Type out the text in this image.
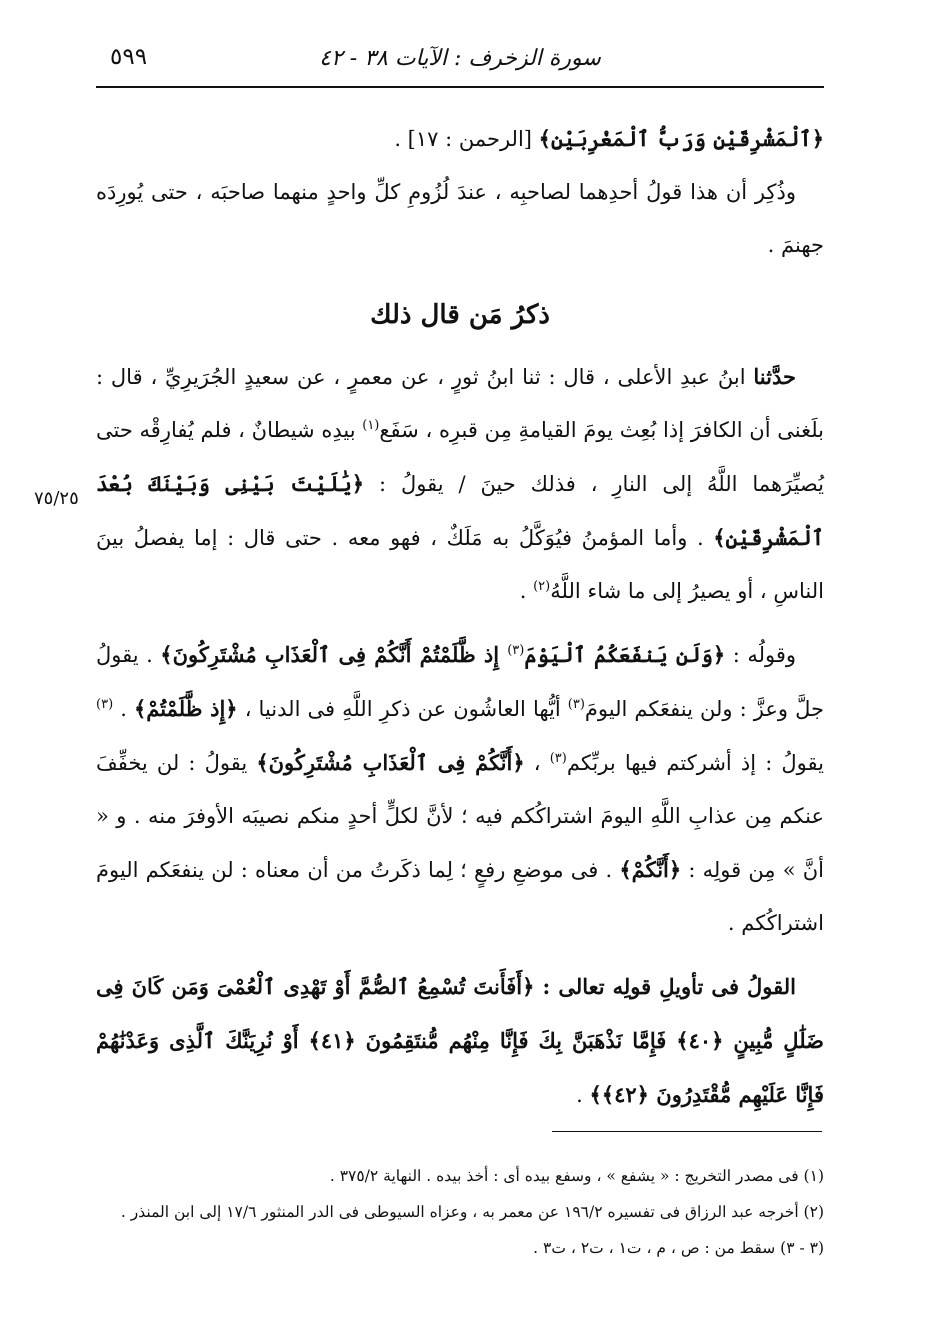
سورة الزخرف : الآيات ٣٨ - ٤٢
٥٩٩
٧٥/٢٥

﴿ٱلْمَشْرِقَيْنِ وَرَبُّ ٱلْمَغْرِبَيْنِ﴾ [الرحمن : ١٧] .

وذُكِر أن هذا قولُ أحدِهما لصاحبِه ، عندَ لُزُومِ كلِّ واحدٍ منهما صاحبَه ، حتى يُورِدَه جهنمَ .

ذكرُ مَن قال ذلك

حدَّثنا ابنُ عبدِ الأعلى ، قال : ثنا ابنُ ثورٍ ، عن معمرٍ ، عن سعيدٍ الجُرَيرِيِّ ، قال : بلَغنى أن الكافرَ إذا بُعِث يومَ القيامةِ مِن قبرِه ، سَفَع$^{(١)}$ بيدِه شيطانٌ ، فلم يُفارِقْه حتى يُصيِّرَهما اللَّهُ إلى النارِ ، فذلك حينَ / يقولُ : ﴿يَٰلَيْتَ بَيْنِى وَبَيْنَكَ بُعْدَ ٱلْمَشْرِقَيْنِ﴾ . وأما المؤمنُ فيُوَكَّلُ به مَلَكٌ ، فهو معه . حتى قال : إما يفصلُ بينَ الناسِ ، أو يصيرُ إلى ما شاء اللَّهُ$^{(٢)}$ .

وقولُه : ﴿وَلَن يَنفَعَكُمُ ٱلْيَوْمَ$^{(٣)}$ إِذ ظَّلَمْتُمْ أَنَّكُمْ فِى ٱلْعَذَابِ مُشْتَرِكُونَ﴾ . يقولُ جلَّ وعزَّ : ولن ينفعَكم اليومَ$^{(٣)}$ أيُّها العاشُون عن ذكرِ اللَّهِ فى الدنيا ، ﴿إِذ ظَّلَمْتُمْ﴾ . $^{(٣)}$ يقولُ : إذ أشركتم فيها بربِّكم$^{(٣)}$ ، ﴿أَنَّكُمْ فِى ٱلْعَذَابِ مُشْتَرِكُونَ﴾ يقولُ : لن يخفِّفَ عنكم مِن عذابِ اللَّهِ اليومَ اشتراكُكم فيه ؛ لأنَّ لكلٍّ أحدٍ منكم نصيبَه الأوفرَ منه . و « أنَّ » مِن قولِه : ﴿أَنَّكُمْ﴾ . فى موضعِ رفعٍ ؛ لِما ذكَرتُ من أن معناه : لن ينفعَكم اليومَ اشتراكُكم .

القولُ فى تأويلِ قولِه تعالى : ﴿أَفَأَنتَ تُسْمِعُ ٱلصُّمَّ أَوْ تَهْدِى ٱلْعُمْىَ وَمَن كَانَ فِى ضَلَٰلٍ مُّبِينٍ ﴿٤٠﴾ فَإِمَّا نَذْهَبَنَّ بِكَ فَإِنَّا مِنْهُم مُّنتَقِمُونَ ﴿٤١﴾ أَوْ نُرِيَنَّكَ ٱلَّذِى وَعَدْنَٰهُمْ فَإِنَّا عَلَيْهِم مُّقْتَدِرُونَ ﴿٤٢﴾﴾ .

(١) فى مصدر التخريج : « يشفع » ، وسفع بيده أى : أخذ بيده . النهاية ٣٧٥/٢ .
(٢) أخرجه عبد الرزاق فى تفسيره ١٩٦/٢ عن معمر به ، وعزاه السيوطى فى الدر المنثور ١٧/٦ إلى ابن المنذر .
(٣ - ٣) سقط من : ص ، م ، ت١ ، ت٢ ، ت٣ .
